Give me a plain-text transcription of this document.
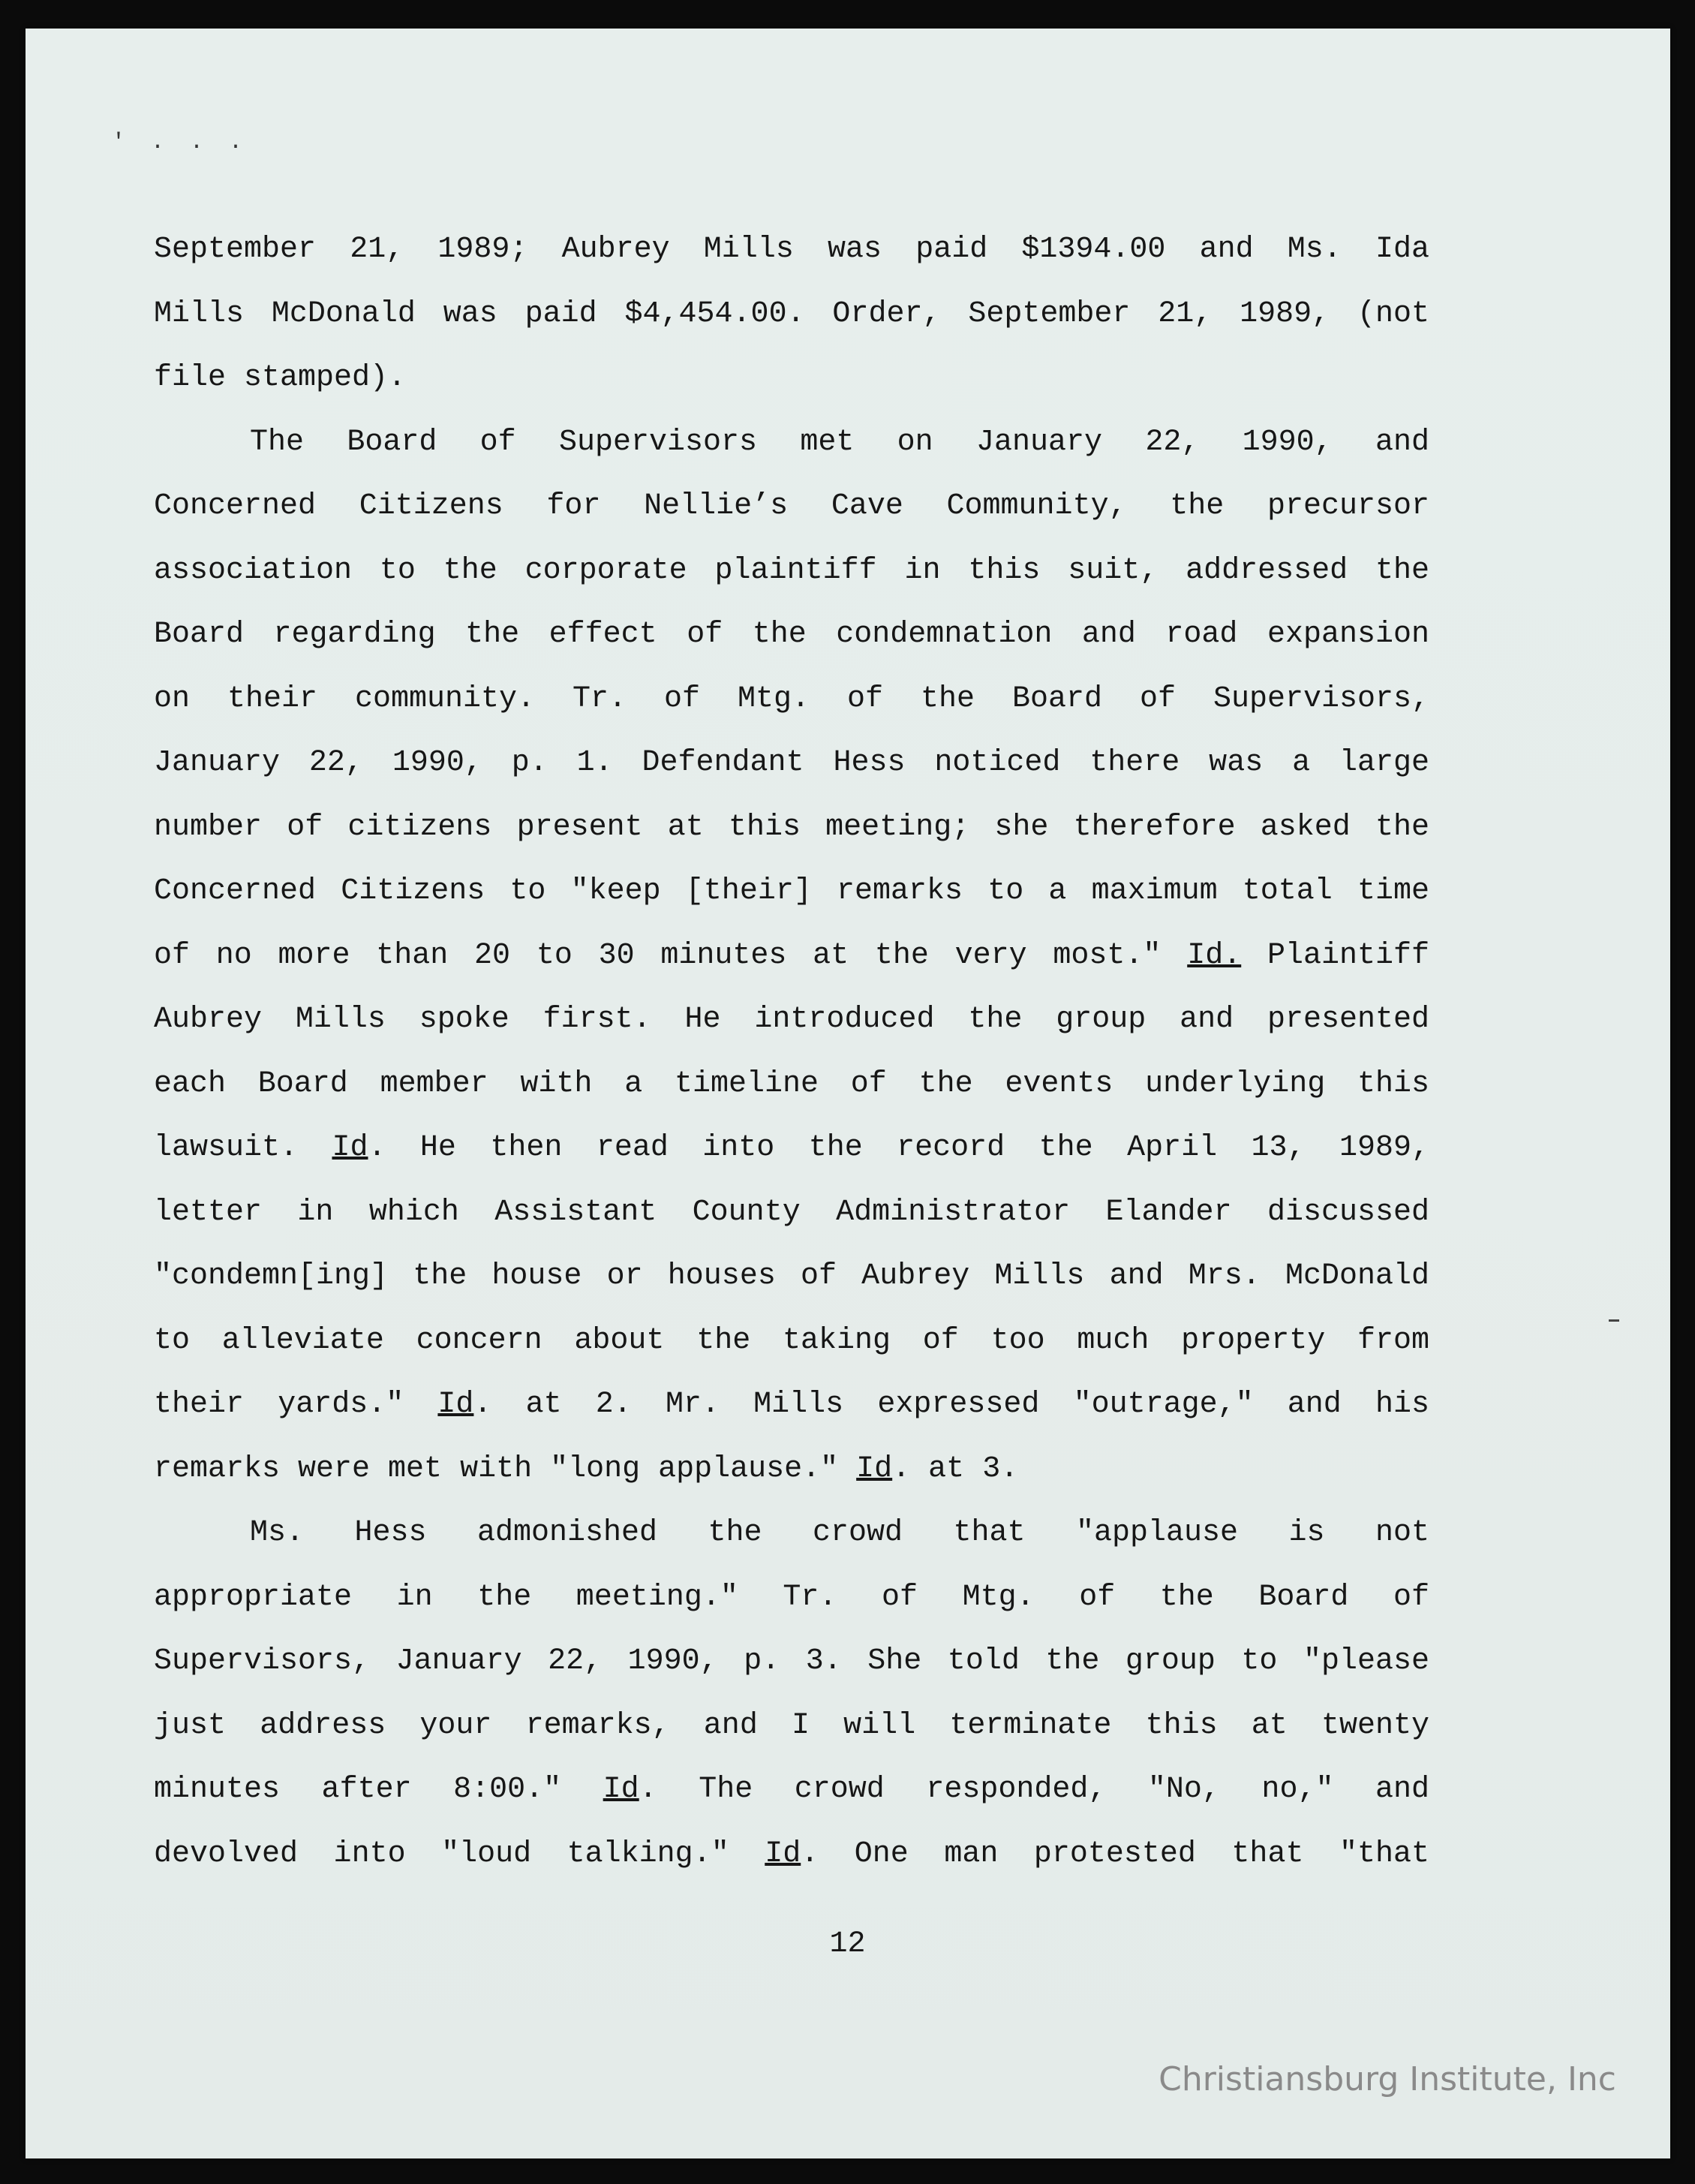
' . . .
September 21, 1989; Aubrey Mills was paid $1394.00 and Ms. Ida
Mills McDonald was paid $4,454.00. Order, September 21, 1989, (not
file stamped).
The Board of Supervisors met on January 22, 1990, and
Concerned Citizens for Nellie’s Cave Community, the precursor
association to the corporate plaintiff in this suit, addressed the
Board regarding the effect of the condemnation and road expansion
on their community. Tr. of Mtg. of the Board of Supervisors,
January 22, 1990, p. 1. Defendant Hess noticed there was a large
number of citizens present at this meeting; she therefore asked the
Concerned Citizens to "keep [their] remarks to a maximum total time
of no more than 20 to 30 minutes at the very most." Id. Plaintiff
Aubrey Mills spoke first. He introduced the group and presented
each Board member with a timeline of the events underlying this
lawsuit. Id. He then read into the record the April 13, 1989,
letter in which Assistant County Administrator Elander discussed
"condemn[ing] the house or houses of Aubrey Mills and Mrs. McDonald
to alleviate concern about the taking of too much property from
their yards." Id. at 2. Mr. Mills expressed "outrage," and his
remarks were met with "long applause." Id. at 3.
Ms. Hess admonished the crowd that "applause is not
appropriate in the meeting." Tr. of Mtg. of the Board of
Supervisors, January 22, 1990, p. 3. She told the group to "please
just address your remarks, and I will terminate this at twenty
minutes after 8:00." Id. The crowd responded, "No, no," and
devolved into "loud talking." Id. One man protested that "that
12
Christiansburg Institute, Inc
